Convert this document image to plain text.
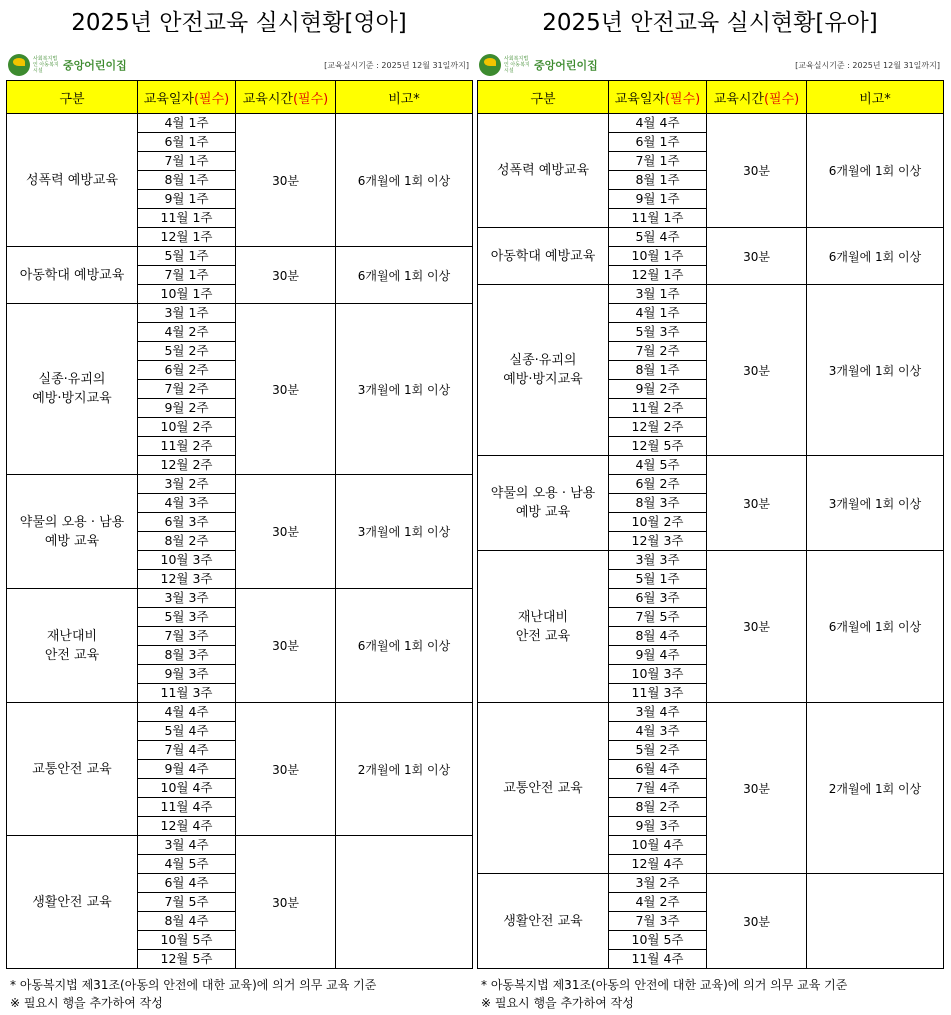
2025년 안전교육 실시현황[영아]
사회복지법인 아동복지시설	중앙어린이집	[교육실시기준 : 2025년 12월 31일까지]
구분	교육일자(필수)	교육시간(필수)	비고*
성폭력 예방교육	4월 1주	30분	6개월에 1회 이상
	6월 1주		
	7월 1주		
	8월 1주		
	9월 1주		
	11월 1주		
	12월 1주		
아동학대 예방교육	5월 1주	30분	6개월에 1회 이상
	7월 1주		
	10월 1주		
실종·유괴의
예방·방지교육	3월 1주	30분	3개월에 1회 이상
	4월 2주		
	5월 2주		
	6월 2주		
	7월 2주		
	9월 2주		
	10월 2주		
	11월 2주		
	12월 2주		
약물의 오용 · 남용
예방 교육	3월 2주	30분	3개월에 1회 이상
	4월 3주		
	6월 3주		
	8월 2주		
	10월 3주		
	12월 3주		
재난대비
안전 교육	3월 3주	30분	6개월에 1회 이상
	5월 3주		
	7월 3주		
	8월 3주		
	9월 3주		
	11월 3주		
교통안전 교육	4월 4주	30분	2개월에 1회 이상
	5월 4주		
	7월 4주		
	9월 4주		
	10월 4주		
	11월 4주		
	12월 4주		
생활안전 교육	3월 4주	30분	
	4월 5주		
	6월 4주		
	7월 5주		
	8월 4주		
	10월 5주		
	12월 5주		
* 아동복지법 제31조(아동의 안전에 대한 교육)에 의거 의무 교육 기준
※ 필요시 행을 추가하여 작성
2025년 안전교육 실시현황[유아]
사회복지법인 아동복지시설	중앙어린이집	[교육실시기준 : 2025년 12월 31일까지]
구분	교육일자(필수)	교육시간(필수)	비고*
성폭력 예방교육	4월 4주	30분	6개월에 1회 이상
	6월 1주		
	7월 1주		
	8월 1주		
	9월 1주		
	11월 1주		
아동학대 예방교육	5월 4주	30분	6개월에 1회 이상
	10월 1주		
	12월 1주		
실종·유괴의
예방·방지교육	3월 1주	30분	3개월에 1회 이상
	4월 1주		
	5월 3주		
	7월 2주		
	8월 1주		
	9월 2주		
	11월 2주		
	12월 2주		
	12월 5주		
약물의 오용 · 남용
예방 교육	4월 5주	30분	3개월에 1회 이상
	6월 2주		
	8월 3주		
	10월 2주		
	12월 3주		
재난대비
안전 교육	3월 3주	30분	6개월에 1회 이상
	5월 1주		
	6월 3주		
	7월 5주		
	8월 4주		
	9월 4주		
	10월 3주		
	11월 3주		
교통안전 교육	3월 4주	30분	2개월에 1회 이상
	4월 3주		
	5월 2주		
	6월 4주		
	7월 4주		
	8월 2주		
	9월 3주		
	10월 4주		
	12월 4주		
생활안전 교육	3월 2주	30분	
	4월 2주		
	7월 3주		
	10월 5주		
	11월 4주		
* 아동복지법 제31조(아동의 안전에 대한 교육)에 의거 의무 교육 기준
※ 필요시 행을 추가하여 작성
